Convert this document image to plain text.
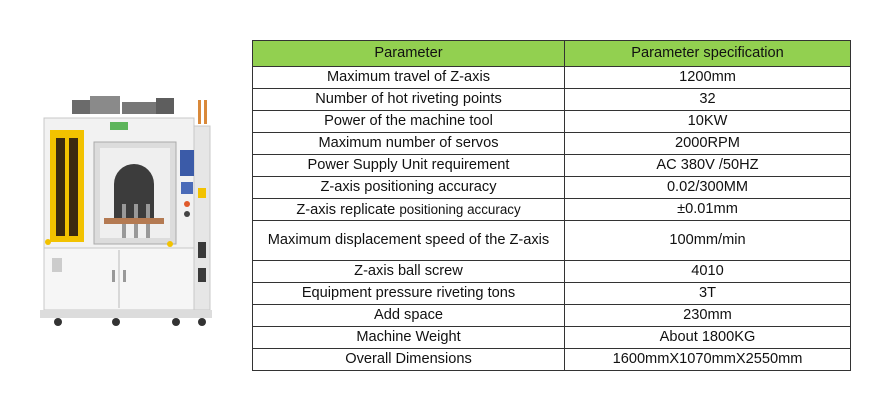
Parameter	Parameter specification
Maximum travel of Z-axis	1200mm
Number of hot riveting points	32
Power of the machine tool	10KW
Maximum number of servos	2000RPM
Power Supply Unit requirement	AC 380V /50HZ
Z-axis positioning accuracy	0.02/300MM
Z-axis replicate positioning accuracy	±0.01mm
Maximum displacement speed of the Z-axis	100mm/min
Z-axis ball screw	4010
Equipment pressure riveting tons	3T
Add space	230mm
Machine Weight	About 1800KG
Overall Dimensions	1600mmX1070mmX2550mm
